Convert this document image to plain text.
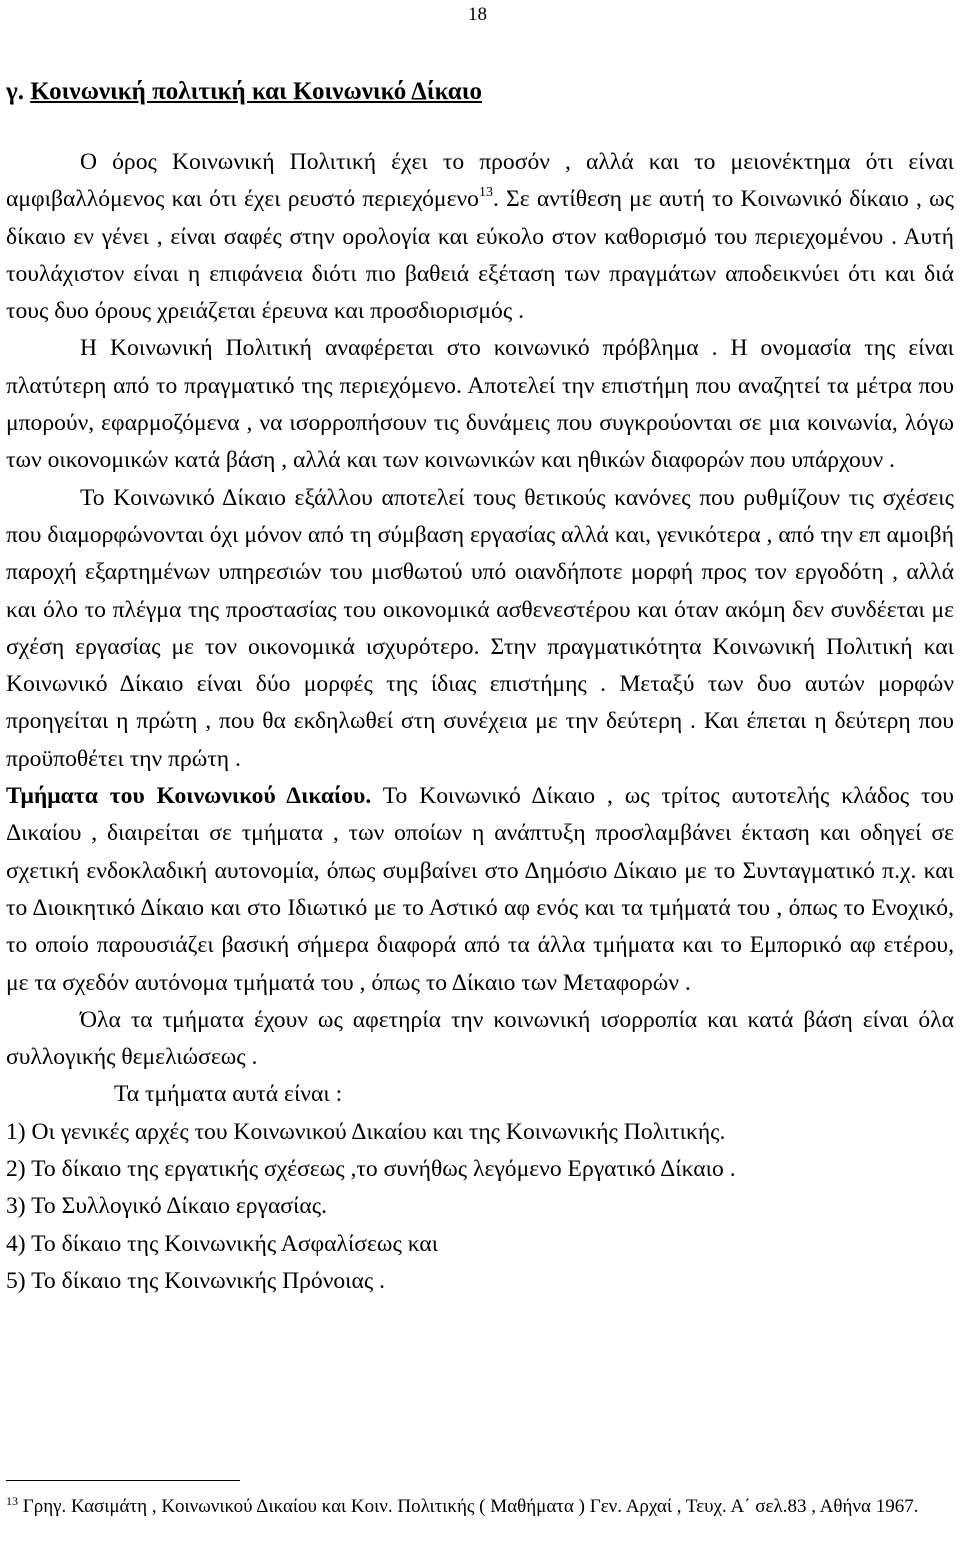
18
γ. Κοινωνική πολιτική και Κοινωνικό Δίκαιο

Ο όρος Κοινωνική Πολιτική έχει το προσόν , αλλά και το μειονέκτημα ότι είναι αμφιβαλλόμενος και ότι έχει ρευστό περιεχόμενο$^{13}$. Σε αντίθεση με αυτή το Κοινωνικό δίκαιο , ως δίκαιο εν γένει , είναι σαφές στην ορολογία και εύκολο στον καθορισμό του περιεχομένου . Αυτή τουλάχιστον είναι η επιφάνεια διότι πιο βαθειά εξέταση των πραγμάτων αποδεικνύει ότι και διά τους δυο όρους χρειάζεται έρευνα και προσδιορισμός .

Η Κοινωνική Πολιτική αναφέρεται στο κοινωνικό πρόβλημα . Η ονομασία της είναι πλατύτερη από το πραγματικό της περιεχόμενο. Αποτελεί την επιστήμη που αναζητεί τα μέτρα που μπορούν, εφαρμοζόμενα , να ισορροπήσουν τις δυνάμεις που συγκρούονται σε μια κοινωνία, λόγω των οικονομικών κατά βάση , αλλά και των κοινωνικών και ηθικών διαφορών που υπάρχουν .

Το Κοινωνικό Δίκαιο εξάλλου αποτελεί τους θετικούς κανόνες που ρυθμίζουν τις σχέσεις που διαμορφώνονται όχι μόνον από τη σύμβαση εργασίας αλλά και, γενικότερα , από την επ αμοιβή παροχή εξαρτημένων υπηρεσιών του μισθωτού υπό οιανδήποτε μορφή προς τον εργοδότη , αλλά και όλο το πλέγμα της προστασίας του οικονομικά ασθενεστέρου και όταν ακόμη δεν συνδέεται με σχέση εργασίας με τον οικονομικά ισχυρότερο. Στην πραγματικότητα Κοινωνική Πολιτική και Κοινωνικό Δίκαιο είναι δύο μορφές της ίδιας επιστήμης . Μεταξύ των δυο αυτών μορφών προηγείται η πρώτη , που θα εκδηλωθεί στη συνέχεια με την δεύτερη . Και έπεται η δεύτερη που προϋποθέτει την πρώτη .

Τμήματα του Κοινωνικού Δικαίου. Το Κοινωνικό Δίκαιο , ως τρίτος αυτοτελής κλάδος του Δικαίου , διαιρείται σε τμήματα , των οποίων η ανάπτυξη προσλαμβάνει έκταση και οδηγεί σε σχετική ενδοκλαδική αυτονομία, όπως συμβαίνει στο Δημόσιο Δίκαιο με το Συνταγματικό π.χ. και το Διοικητικό Δίκαιο και στο Ιδιωτικό με το Αστικό αφ ενός και τα τμήματά του , όπως το Ενοχικό, το οποίο παρουσιάζει βασική σήμερα διαφορά από τα άλλα τμήματα και το Εμπορικό αφ ετέρου, με τα σχεδόν αυτόνομα τμήματά του , όπως το Δίκαιο των Μεταφορών .

Όλα τα τμήματα έχουν ως αφετηρία την κοινωνική ισορροπία και κατά βάση είναι όλα συλλογικής θεμελιώσεως .

Τα τμήματα αυτά είναι :

1) Οι γενικές αρχές του Κοινωνικού Δικαίου και της Κοινωνικής Πολιτικής.

2) Το δίκαιο της εργατικής σχέσεως ,το συνήθως λεγόμενο Εργατικό Δίκαιο .

3) Το Συλλογικό Δίκαιο εργασίας.

4) Το δίκαιο της Κοινωνικής Ασφαλίσεως και

5) Το δίκαιο της Κοινωνικής Πρόνοιας .

$^{13}$ Γρηγ. Κασιμάτη , Κοινωνικού Δικαίου και Κοιν. Πολιτικής ( Μαθήματα ) Γεν. Αρχαί , Τευχ. Α΄ σελ.83 , Αθήνα 1967.
